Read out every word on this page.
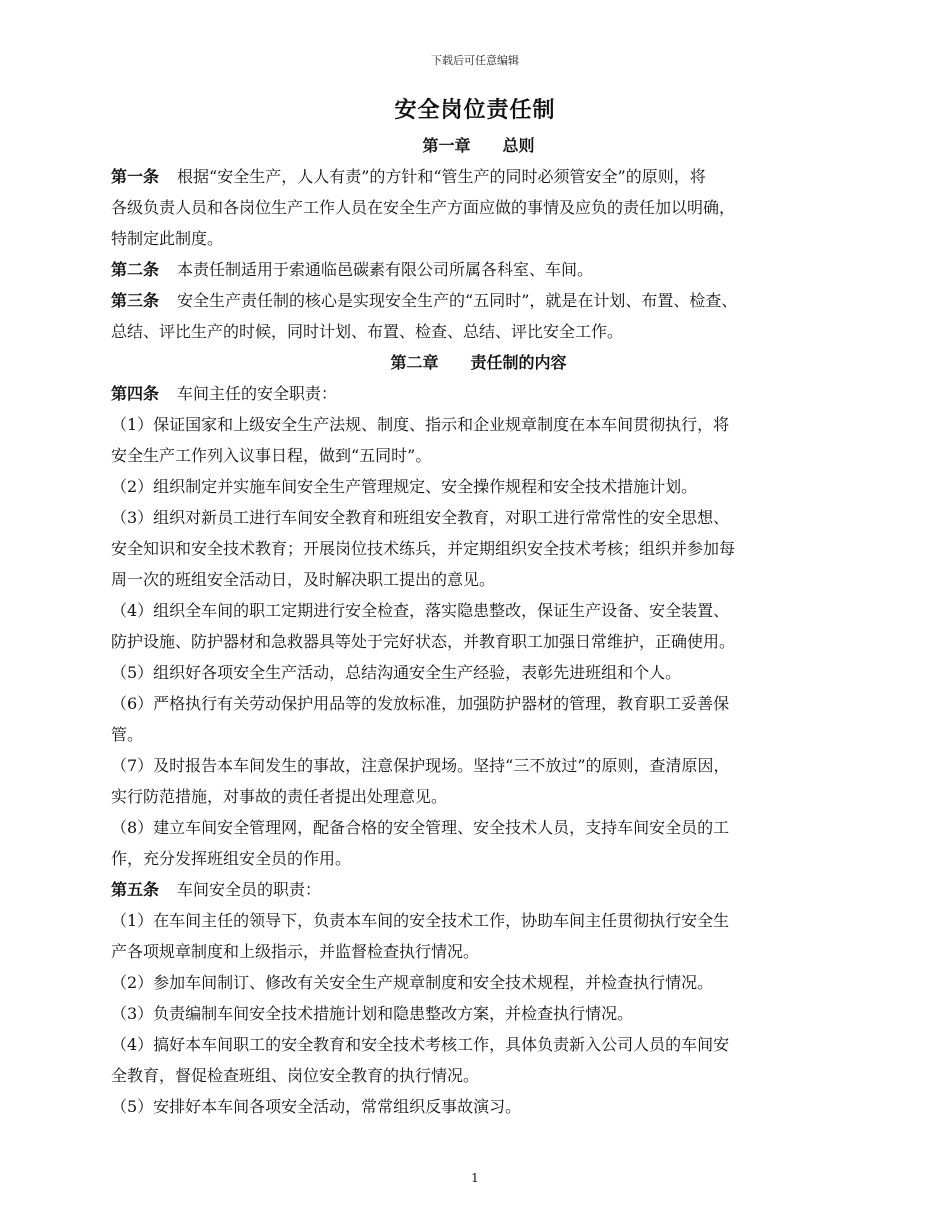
下载后可任意编辑
安全岗位责任制
第一章 总则

第一条 根据“安全生产，人人有责”的方针和“管生产的同时必须管安全”的原则，将

各级负责人员和各岗位生产工作人员在安全生产方面应做的事情及应负的责任加以明确，

特制定此制度。

第二条 本责任制适用于索通临邑碳素有限公司所属各科室、车间。

第三条 安全生产责任制的核心是实现安全生产的“五同时”，就是在计划、布置、检查、

总结、评比生产的时候，同时计划、布置、检查、总结、评比安全工作。

第二章 责任制的内容

第四条 车间主任的安全职责：

（1）保证国家和上级安全生产法规、制度、指示和企业规章制度在本车间贯彻执行，将

安全生产工作列入议事日程，做到“五同时”。

（2）组织制定并实施车间安全生产管理规定、安全操作规程和安全技术措施计划。

（3）组织对新员工进行车间安全教育和班组安全教育，对职工进行常常性的安全思想、

安全知识和安全技术教育；开展岗位技术练兵，并定期组织安全技术考核；组织并参加每

周一次的班组安全活动日，及时解决职工提出的意见。

（4）组织全车间的职工定期进行安全检查，落实隐患整改，保证生产设备、安全装置、

防护设施、防护器材和急救器具等处于完好状态，并教育职工加强日常维护，正确使用。

（5）组织好各项安全生产活动，总结沟通安全生产经验，表彰先进班组和个人。

（6）严格执行有关劳动保护用品等的发放标准，加强防护器材的管理，教育职工妥善保

管。

（7）及时报告本车间发生的事故，注意保护现场。坚持“三不放过”的原则，查清原因，

实行防范措施，对事故的责任者提出处理意见。

（8）建立车间安全管理网，配备合格的安全管理、安全技术人员，支持车间安全员的工

作，充分发挥班组安全员的作用。

第五条 车间安全员的职责：

（1）在车间主任的领导下，负责本车间的安全技术工作，协助车间主任贯彻执行安全生

产各项规章制度和上级指示，并监督检查执行情况。

（2）参加车间制订、修改有关安全生产规章制度和安全技术规程，并检查执行情况。

（3）负责编制车间安全技术措施计划和隐患整改方案，并检查执行情况。

（4）搞好本车间职工的安全教育和安全技术考核工作，具体负责新入公司人员的车间安

全教育，督促检查班组、岗位安全教育的执行情况。

（5）安排好本车间各项安全活动，常常组织反事故演习。

1
